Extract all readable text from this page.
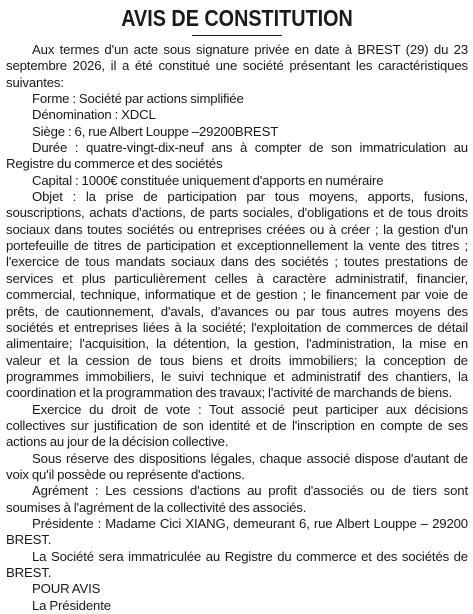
AVIS DE CONSTITUTION

Aux termes d'un acte sous signature privée en date à BREST (29) du 23 septembre 2026, il a été constitué une société présentant les caractéristiques suivantes:

Forme : Société par actions simplifiée

Dénomination : XDCL

Siège : 6, rue Albert Louppe –29200BREST

Durée : quatre-vingt-dix-neuf ans à compter de son immatriculation au Registre du commerce et des sociétés

Capital : 1000€ constituée uniquement d'apports en numéraire

Objet : la prise de participation par tous moyens, apports, fusions, souscriptions, achats d'actions, de parts sociales, d'obligations et de tous droits sociaux dans toutes sociétés ou entreprises créées ou à créer ; la gestion d'un portefeuille de titres de participation et exceptionnellement la vente des titres ; l'exercice de tous mandats sociaux dans des sociétés ; toutes prestations de services et plus particulièrement celles à caractère administratif, financier, commercial, technique, informatique et de gestion ; le financement par voie de prêts, de cautionnement, d'avals, d'avances ou par tous autres moyens des sociétés et entreprises liées à la société; l'exploitation de commerces de détail alimentaire; l'acquisition, la détention, la gestion, l'administration, la mise en valeur et la cession de tous biens et droits immobiliers; la conception de programmes immobiliers, le suivi technique et administratif des chantiers, la coordination et la programmation des travaux; l'activité de marchands de biens.

Exercice du droit de vote : Tout associé peut participer aux décisions collectives sur justification de son identité et de l'inscription en compte de ses actions au jour de la décision collective.

Sous réserve des dispositions légales, chaque associé dispose d'autant de voix qu'il possède ou représente d'actions.

Agrément : Les cessions d'actions au profit d'associés ou de tiers sont soumises à l'agrément de la collectivité des associés.

Présidente : Madame Cici XIANG, demeurant 6, rue Albert Louppe – 29200 BREST.

La Société sera immatriculée au Registre du commerce et des sociétés de BREST.

POUR AVIS

La Présidente
